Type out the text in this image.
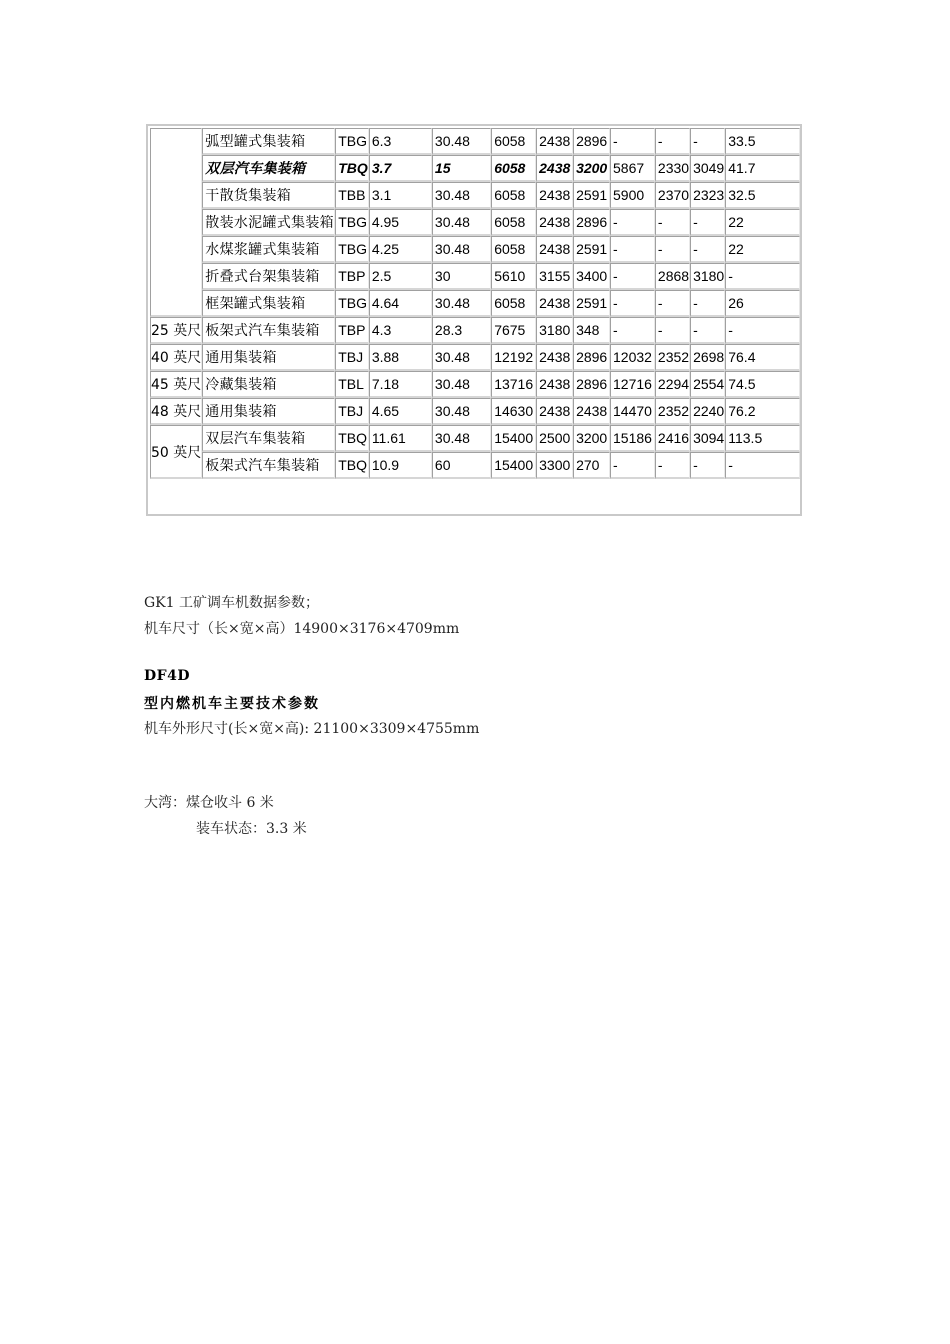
	弧型罐式集装箱	TBG	6.3	30.48	6058	2438	2896	-	-	-	33.5
	双层汽车集装箱	TBQ	3.7	15	6058	2438	3200	5867	2330	3049	41.7
	干散货集装箱	TBB	3.1	30.48	6058	2438	2591	5900	2370	2323	32.5
	散装水泥罐式集装箱	TBG	4.95	30.48	6058	2438	2896	-	-	-	22
	水煤浆罐式集装箱	TBG	4.25	30.48	6058	2438	2591	-	-	-	22
	折叠式台架集装箱	TBP	2.5	30	5610	3155	3400	-	2868	3180	-
	框架罐式集装箱	TBG	4.64	30.48	6058	2438	2591	-	-	-	26
25 英尺	板架式汽车集装箱	TBP	4.3	28.3	7675	3180	348	-	-	-	-
40 英尺	通用集装箱	TBJ	3.88	30.48	12192	2438	2896	12032	2352	2698	76.4
45 英尺	冷藏集装箱	TBL	7.18	30.48	13716	2438	2896	12716	2294	2554	74.5
48 英尺	通用集装箱	TBJ	4.65	30.48	14630	2438	2438	14470	2352	2240	76.2
50 英尺	双层汽车集装箱	TBQ	11.61	30.48	15400	2500	3200	15186	2416	3094	113.5
	板架式汽车集装箱	TBQ	10.9	60	15400	3300	270	-	-	-	-

GK1 工矿调车机数据参数；

机车尺寸（长×宽×高）14900×3176×4709mm

DF4D

型内燃机车主要技术参数

机车外形尺寸(长×宽×高): 21100×3309×4755mm

大湾：煤仓收斗 6 米

装车状态：3.3 米
